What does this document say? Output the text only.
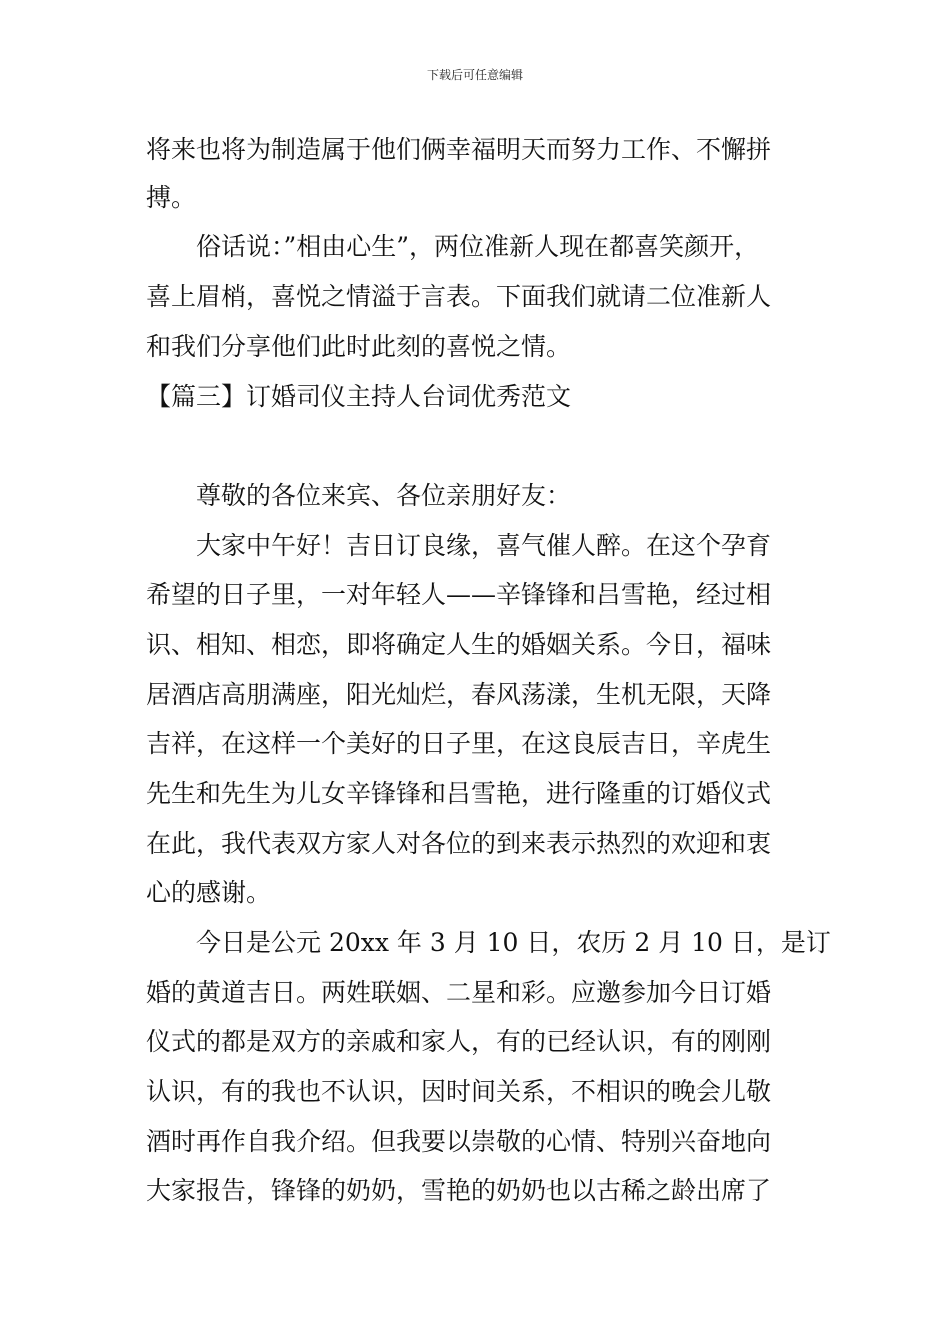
下载后可任意编辑
将来也将为制造属于他们俩幸福明天而努力工作、不懈拼
搏。
俗话说：”相由心生”，两位准新人现在都喜笑颜开，
喜上眉梢，喜悦之情溢于言表。下面我们就请二位准新人
和我们分享他们此时此刻的喜悦之情。
【篇三】订婚司仪主持人台词优秀范文
尊敬的各位来宾、各位亲朋好友：
大家中午好！吉日订良缘，喜气催人醉。在这个孕育
希望的日子里，一对年轻人——辛锋锋和吕雪艳，经过相
识、相知、相恋，即将确定人生的婚姻关系。今日，福味
居酒店高朋满座，阳光灿烂，春风荡漾，生机无限，天降
吉祥，在这样一个美好的日子里，在这良辰吉日，辛虎生
先生和先生为儿女辛锋锋和吕雪艳，进行隆重的订婚仪式
在此，我代表双方家人对各位的到来表示热烈的欢迎和衷
心的感谢。
今日是公元 20xx 年 3 月 10 日，农历 2 月 10 日，是订
婚的黄道吉日。两姓联姻、二星和彩。应邀参加今日订婚
仪式的都是双方的亲戚和家人，有的已经认识，有的刚刚
认识，有的我也不认识，因时间关系，不相识的晚会儿敬
酒时再作自我介绍。但我要以崇敬的心情、特别兴奋地向
大家报告，锋锋的奶奶，雪艳的奶奶也以古稀之龄出席了
